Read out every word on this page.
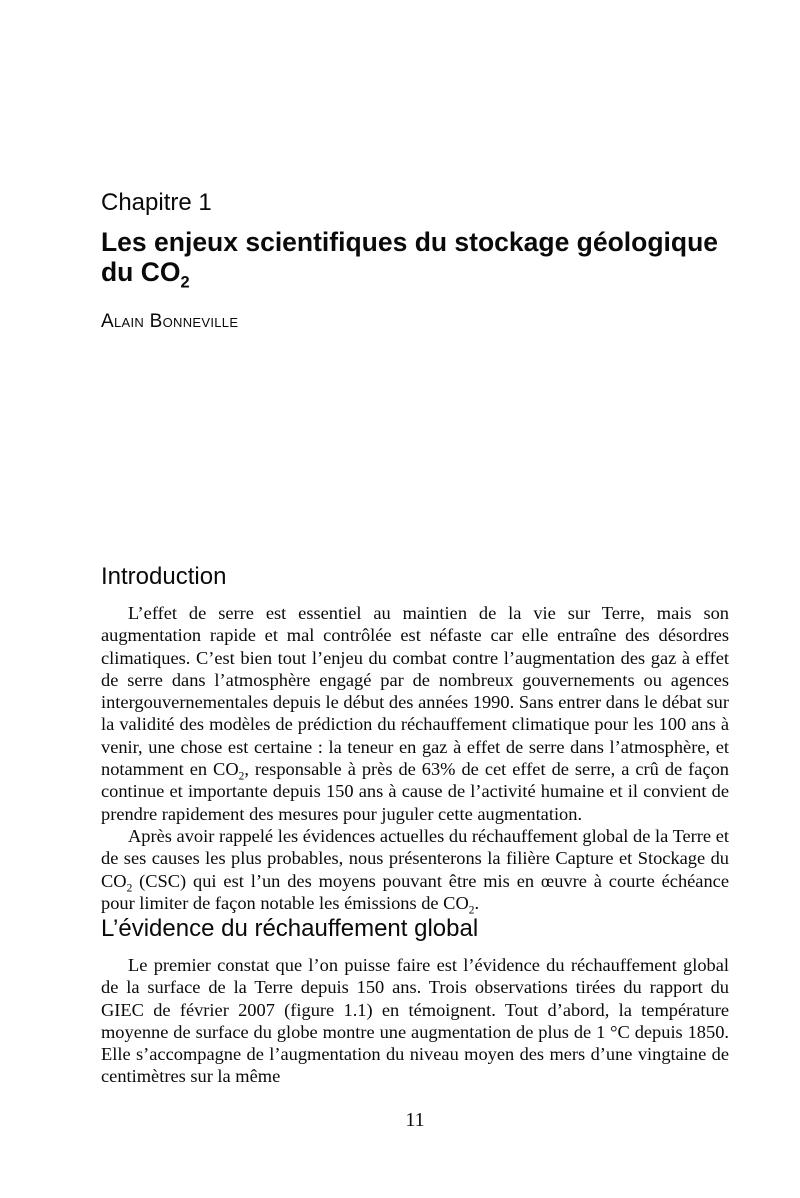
Chapitre 1
Les enjeux scientifiques du stockage géologique du $CO_2$
Alain Bonneville
Introduction

L’effet de serre est essentiel au maintien de la vie sur Terre, mais son augmentation rapide et mal contrôlée est néfaste car elle entraîne des désordres climatiques. C’est bien tout l’enjeu du combat contre l’augmentation des gaz à effet de serre dans l’atmosphère engagé par de nombreux gouvernements ou agences intergouvernementales depuis le début des années 1990. Sans entrer dans le débat sur la validité des modèles de prédiction du réchauffement climatique pour les 100 ans à venir, une chose est certaine : la teneur en gaz à effet de serre dans l’atmosphère, et notamment en $CO_2$, responsable à près de 63% de cet effet de serre, a crû de façon continue et importante depuis 150 ans à cause de l’activité humaine et il convient de prendre rapidement des mesures pour juguler cette augmentation.

Après avoir rappelé les évidences actuelles du réchauffement global de la Terre et de ses causes les plus probables, nous présenterons la filière Capture et Stockage du $CO_2$ (CSC) qui est l’un des moyens pouvant être mis en œuvre à courte échéance pour limiter de façon notable les émissions de $CO_2$.

L’évidence du réchauffement global

Le premier constat que l’on puisse faire est l’évidence du réchauffement global de la surface de la Terre depuis 150 ans. Trois observations tirées du rapport du GIEC de février 2007 (figure 1.1) en témoignent. Tout d’abord, la température moyenne de surface du globe montre une augmentation de plus de 1 °C depuis 1850. Elle s’accompagne de l’augmentation du niveau moyen des mers d’une vingtaine de centimètres sur la même

11
